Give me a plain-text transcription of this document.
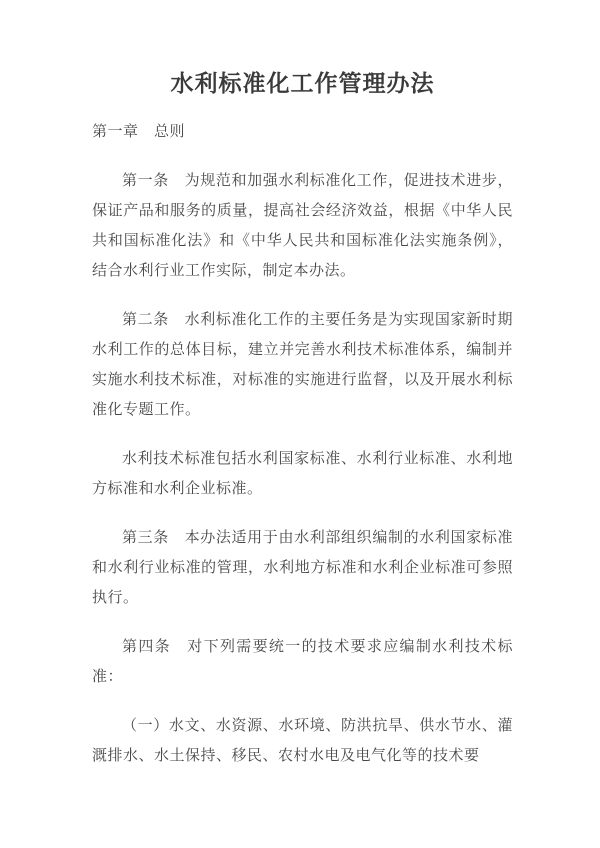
水利标准化工作管理办法
第一章　总则

第一条　为规范和加强水利标准化工作，促进技术进步，保证产品和服务的质量，提高社会经济效益，根据《中华人民共和国标准化法》和《中华人民共和国标准化法实施条例》，结合水利行业工作实际，制定本办法。

第二条　水利标准化工作的主要任务是为实现国家新时期水利工作的总体目标，建立并完善水利技术标准体系，编制并实施水利技术标准，对标准的实施进行监督，以及开展水利标准化专题工作。

水利技术标准包括水利国家标准、水利行业标准、水利地方标准和水利企业标准。

第三条　本办法适用于由水利部组织编制的水利国家标准和水利行业标准的管理，水利地方标准和水利企业标准可参照执行。

第四条　对下列需要统一的技术要求应编制水利技术标准：

（一）水文、水资源、水环境、防洪抗旱、供水节水、灌溉排水、水土保持、移民、农村水电及电气化等的技术要
